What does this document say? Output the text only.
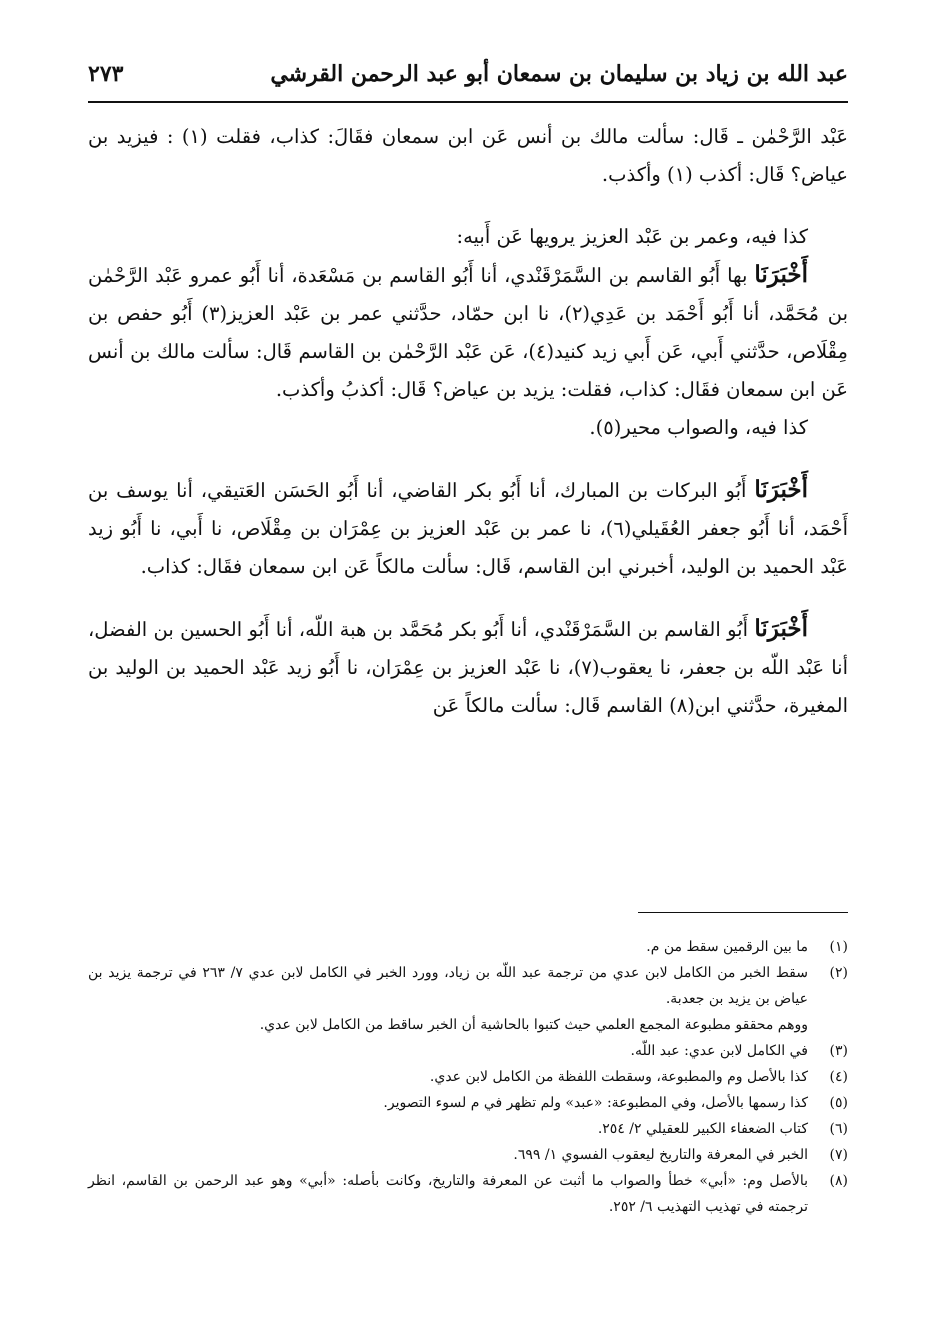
عبد الله بن زياد بن سليمان بن سمعان أبو عبد الرحمن القرشي
٢٧٣

عَبْد الرَّحْمٰن ـ قَال: سألت مالك بن أنس عَن ابن سمعان فقَالَ: كذاب، فقلت (١) : فيزيد بن عياض؟ قَال: أكذب (١) وأكذب.

كذا فيه، وعمر بن عَبْد العزيز يرويها عَن أَبيه:

أَخْبَرَنَا بها أَبُو القاسم بن السَّمَرْقَنْدي، أنا أَبُو القاسم بن مَسْعَدة، أنا أَبُو عمرو عَبْد الرَّحْمٰن بن مُحَمَّد، أنا أَبُو أَحْمَد بن عَدِي(٢)، نا ابن حمّاد، حدَّثني عمر بن عَبْد العزيز(٣) أَبُو حفص بن مِقْلَاص، حدَّثني أَبي، عَن أَبي زيد كنيد(٤)، عَن عَبْد الرَّحْمٰن بن القاسم قَال: سألت مالك بن أنس عَن ابن سمعان فقَال: كذاب، فقلت: يزيد بن عياض؟ قَال: أكذبُ وأكذب.

كذا فيه، والصواب محير(٥).

أَخْبَرَنَا أَبُو البركات بن المبارك، أنا أَبُو بكر القاضي، أنا أَبُو الحَسَن العَتيقي، أنا يوسف بن أَحْمَد، أنا أَبُو جعفر العُقَيلي(٦)، نا عمر بن عَبْد العزيز بن عِمْرَان بن مِقْلَاص، نا أَبي، نا أَبُو زيد عَبْد الحميد بن الوليد، أخبرني ابن القاسم، قَال: سألت مالكاً عَن ابن سمعان فقَال: كذاب.

أَخْبَرَنَا أَبُو القاسم بن السَّمَرْقَنْدي، أنا أَبُو بكر مُحَمَّد بن هبة اللّه، أنا أَبُو الحسين بن الفضل، أنا عَبْد اللّه بن جعفر، نا يعقوب(٧)، نا عَبْد العزيز بن عِمْرَان، نا أَبُو زيد عَبْد الحميد بن الوليد بن المغيرة، حدَّثني ابن(٨) القاسم قَال: سألت مالكاً عَن

(١)
ما بين الرقمين سقط من م.
(٢)
سقط الخبر من الكامل لابن عدي من ترجمة عبد اللّه بن زياد، وورد الخبر في الكامل لابن عدي ٧/ ٢٦٣ في ترجمة يزيد بن عياض بن يزيد بن جعدبة.
ووهم محققو مطبوعة المجمع العلمي حيث كتبوا بالحاشية أن الخبر ساقط من الكامل لابن عدي.
(٣)
في الكامل لابن عدي: عبد اللّه.
(٤)
كذا بالأصل وم والمطبوعة، وسقطت اللفظة من الكامل لابن عدي.
(٥)
كذا رسمها بالأصل، وفي المطبوعة: «عبد» ولم تظهر في م لسوء التصوير.
(٦)
كتاب الضعفاء الكبير للعقيلي ٢/ ٢٥٤.
(٧)
الخبر في المعرفة والتاريخ ليعقوب الفسوي ١/ ٦٩٩.
(٨)
بالأصل وم: «أبي» خطأ والصواب ما أثبت عن المعرفة والتاريخ، وكانت بأصله: «أبي» وهو عبد الرحمن بن القاسم، انظر ترجمته في تهذيب التهذيب ٦/ ٢٥٢.
